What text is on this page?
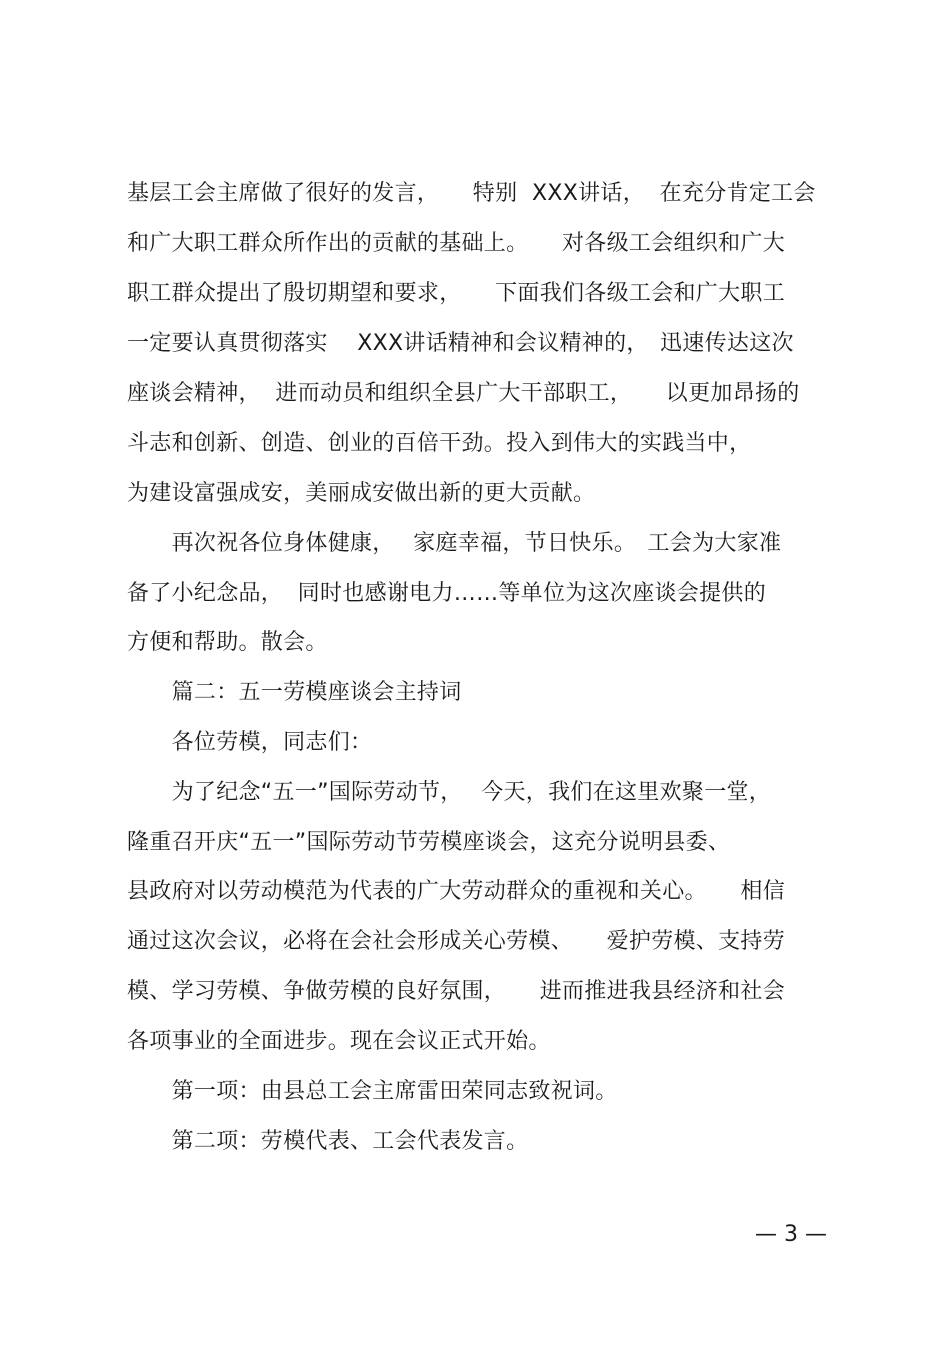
基层工会主席做了很好的发言，　　特别  XXX讲话，  在充分肯定工会
和广大职工群众所作出的贡献的基础上。　　对各级工会组织和广大
职工群众提出了殷切期望和要求，　　下面我们各级工会和广大职工
一定要认真贯彻落实　 XXX讲话精神和会议精神的，　迅速传达这次
座谈会精神，  进而动员和组织全县广大干部职工，　　以更加昂扬的
斗志和创新、创造、创业的百倍干劲。投入到伟大的实践当中，
为建设富强成安，美丽成安做出新的更大贡献。
　　再次祝各位身体健康，　 家庭幸福，节日快乐。　工会为大家准
备了小纪念品，  同时也感谢电力……等单位为这次座谈会提供的
方便和帮助。散会。
　　篇二：五一劳模座谈会主持词
　　各位劳模，同志们：
　　为了纪念“五一”国际劳动节，　 今天，我们在这里欢聚一堂，
隆重召开庆“五一”国际劳动节劳模座谈会，这充分说明县委、
县政府对以劳动模范为代表的广大劳动群众的重视和关心。　　相信
通过这次会议，必将在会社会形成关心劳模、　　爱护劳模、支持劳
模、学习劳模、争做劳模的良好氛围，　　进而推进我县经济和社会
各项事业的全面进步。现在会议正式开始。
　　第一项：由县总工会主席雷田荣同志致祝词。
　　第二项：劳模代表、工会代表发言。
— 3 —
